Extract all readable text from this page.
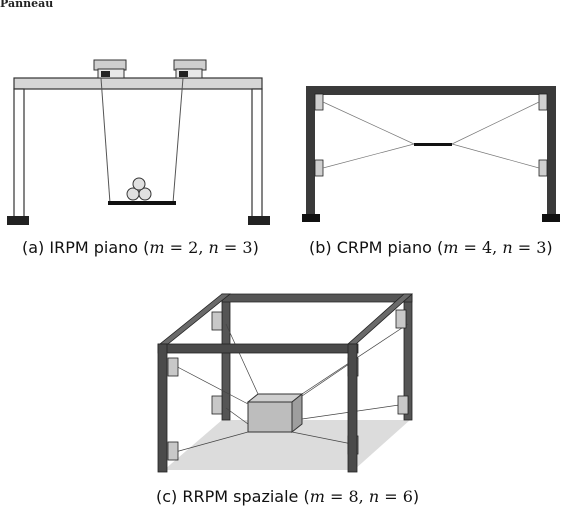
Panneau
(a) IRPM piano (m = 2, n = 3)	(b) CRPM piano (m = 4, n = 3)
(c) RRPM spaziale (m = 8, n = 6)
